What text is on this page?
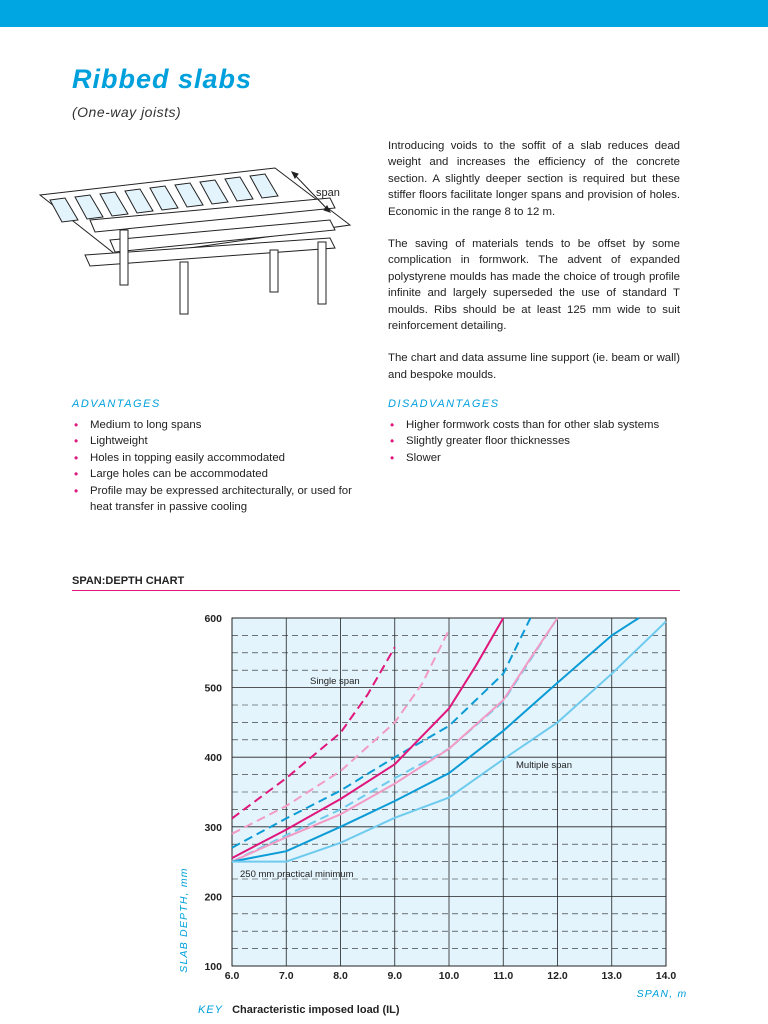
Ribbed slabs

(One-way joists)

span

Introducing voids to the soffit of a slab reduces dead weight and increases the efficiency of the concrete section. A slightly deeper section is required but these stiffer floors facilitate longer spans and provision of holes. Economic in the range 8 to 12 m.

The saving of materials tends to be offset by some complication in formwork. The advent of expanded polystyrene moulds has made the choice of trough profile infinite and largely superseded the use of standard T moulds. Ribs should be at least 125 mm wide to suit reinforcement detailing.

The chart and data assume line support (ie. beam or wall) and bespoke moulds.

ADVANTAGES
• Medium to long spans
• Lightweight
• Holes in topping easily accommodated
• Large holes can be accommodated
• Profile may be expressed architecturally, or used for heat transfer in passive cooling
DISADVANTAGES
• Higher formwork costs than for other slab systems
• Slightly greater floor thicknesses
• Slower
SPAN:DEPTH CHART
6.0	7.0	8.0	9.0	10.0	11.0	12.0	13.0	14.0
100
200
300
400
500
600
Single span
Multiple span
250 mm practical minimum
SPAN, m
SLAB DEPTH, mm
KEY Characteristic imposed load (IL)
